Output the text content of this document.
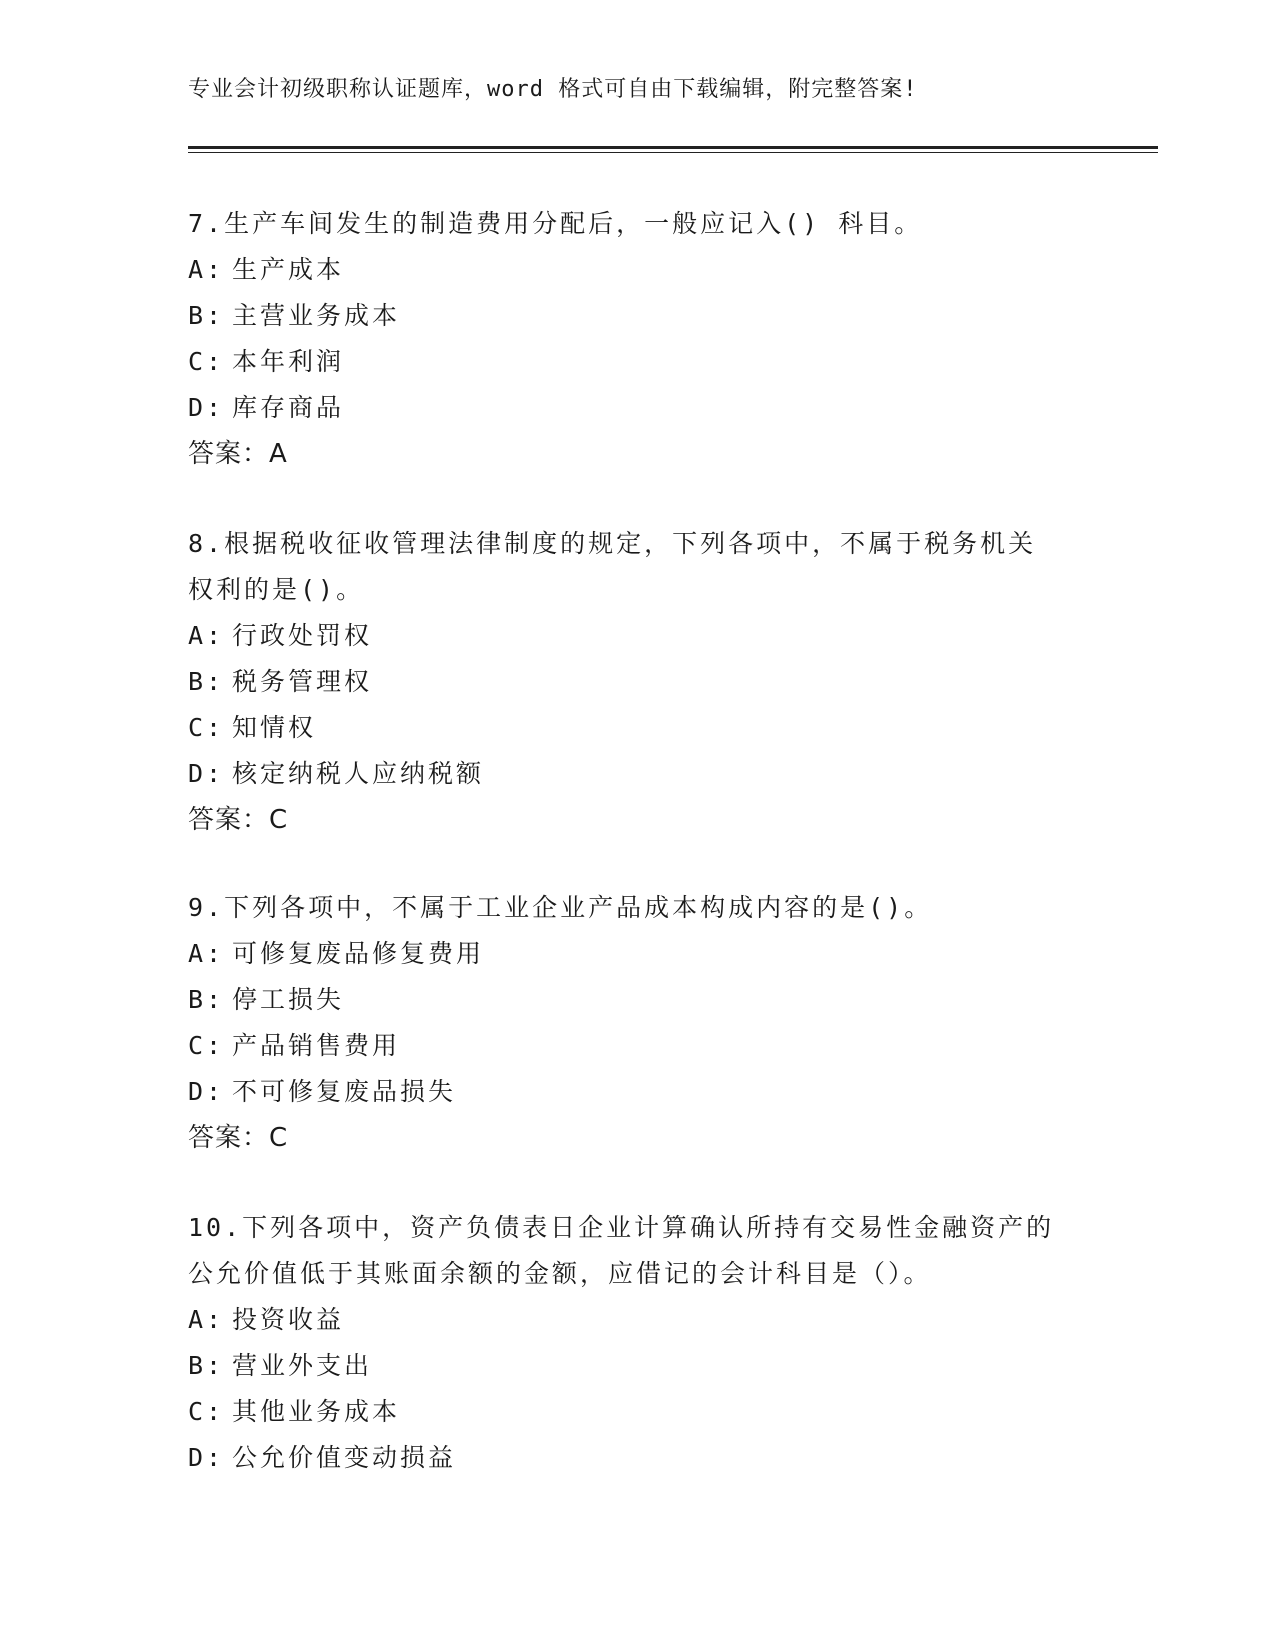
专业会计初级职称认证题库，word 格式可自由下载编辑，附完整答案!
7.生产车间发生的制造费用分配后，一般应记入() 科目。
A: 生产成本
B: 主营业务成本
C: 本年利润
D: 库存商品
答案：A
8.根据税收征收管理法律制度的规定，下列各项中，不属于税务机关
权利的是()。
A: 行政处罚权
B: 税务管理权
C: 知情权
D: 核定纳税人应纳税额
答案：C
9.下列各项中，不属于工业企业产品成本构成内容的是()。
A: 可修复废品修复费用
B: 停工损失
C: 产品销售费用
D: 不可修复废品损失
答案：C
10.下列各项中，资产负债表日企业计算确认所持有交易性金融资产的
公允价值低于其账面余额的金额，应借记的会计科目是（）。
A: 投资收益
B: 营业外支出
C: 其他业务成本
D: 公允价值变动损益
